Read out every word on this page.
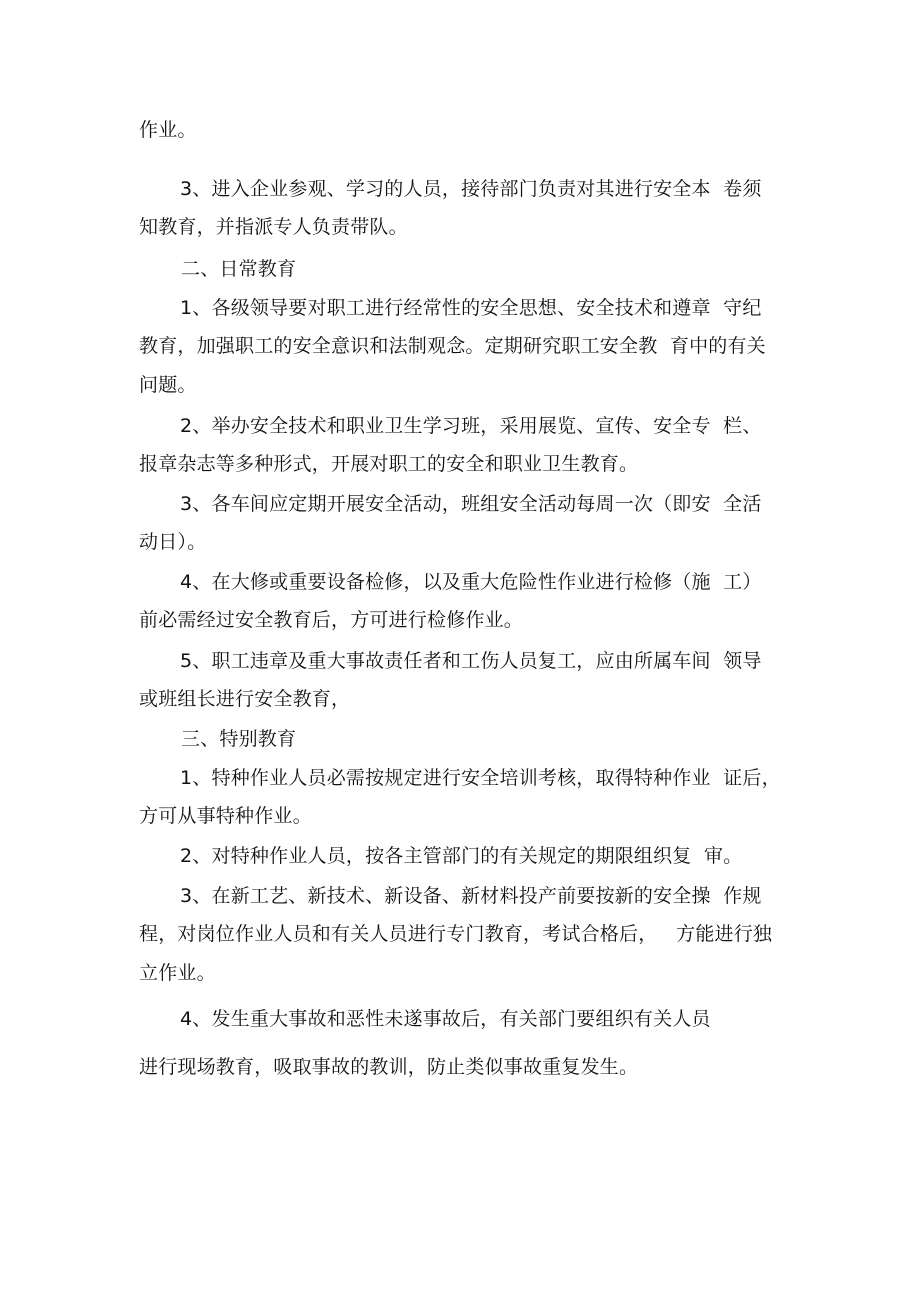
作业。
3、进入企业参观、学习的人员，接待部门负责对其进行安全本  卷须
知教育，并指派专人负责带队。
二、日常教育
1、各级领导要对职工进行经常性的安全思想、安全技术和遵章  守纪
教育，加强职工的安全意识和法制观念。定期研究职工安全教  育中的有关
问题。
2、举办安全技术和职业卫生学习班，采用展览、宣传、安全专  栏、
报章杂志等多种形式，开展对职工的安全和职业卫生教育。
3、各车间应定期开展安全活动，班组安全活动每周一次（即安  全活
动日）。
4、在大修或重要设备检修，以及重大危险性作业进行检修（施  工）
前必需经过安全教育后，方可进行检修作业。
5、职工违章及重大事故责任者和工伤人员复工，应由所属车间  领导
或班组长进行安全教育，
三、特别教育
1、特种作业人员必需按规定进行安全培训考核，取得特种作业  证后，
方可从事特种作业。
2、对特种作业人员，按各主管部门的有关规定的期限组织复  审。
3、在新工艺、新技术、新设备、新材料投产前要按新的安全操  作规
程，对岗位作业人员和有关人员进行专门教育，考试合格后，   方能进行独
立作业。
4、发生重大事故和恶性未遂事故后，有关部门要组织有关人员
进行现场教育，吸取事故的教训，防止类似事故重复发生。
